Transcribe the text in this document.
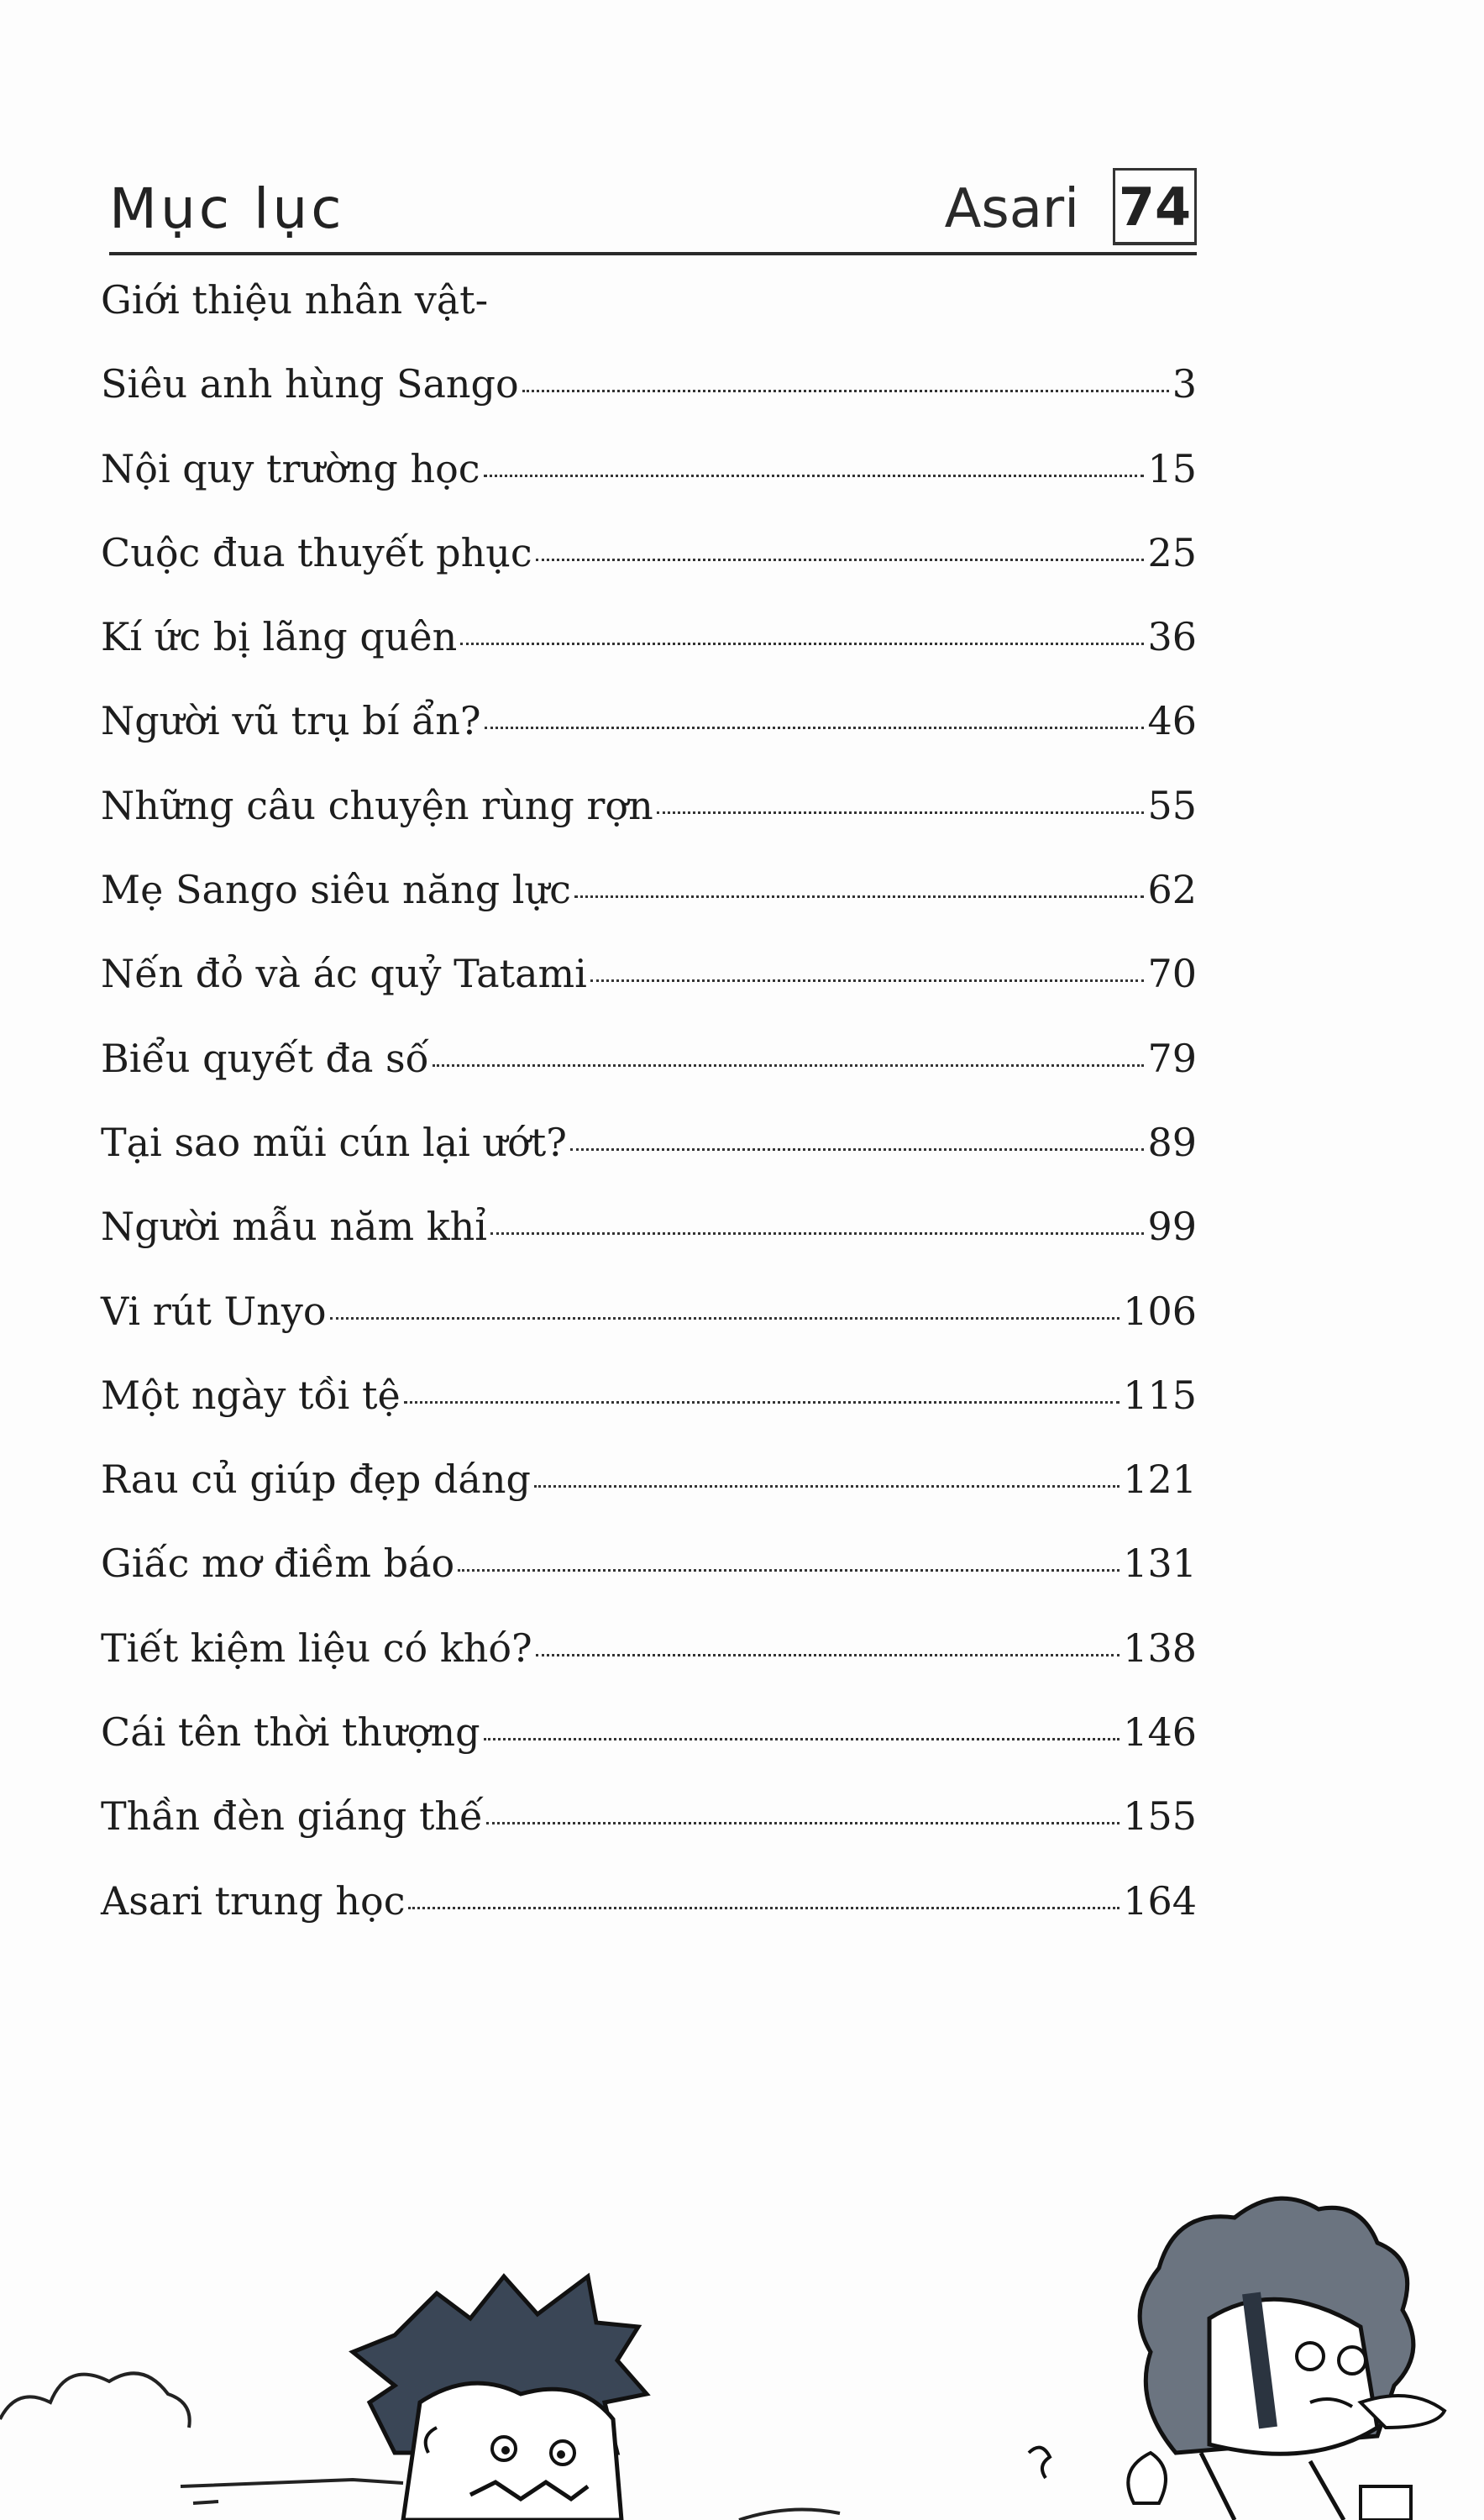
Mục lục	Asari 74
Giới thiệu nhân vật-
Siêu anh hùng Sango	3
Nội quy trường học	15
Cuộc đua thuyết phục	25
Kí ức bị lãng quên	36
Người vũ trụ bí ẩn?	46
Những câu chuyện rùng rợn	55
Mẹ Sango siêu năng lực	62
Nến đỏ và ác quỷ Tatami	70
Biểu quyết đa số	79
Tại sao mũi cún lại ướt?	89
Người mẫu năm khỉ	99
Vi rút Unyo	106
Một ngày tồi tệ	115
Rau củ giúp đẹp dáng	121
Giấc mơ điềm báo	131
Tiết kiệm liệu có khó?	138
Cái tên thời thượng	146
Thần đèn giáng thế	155
Asari trung học	164
